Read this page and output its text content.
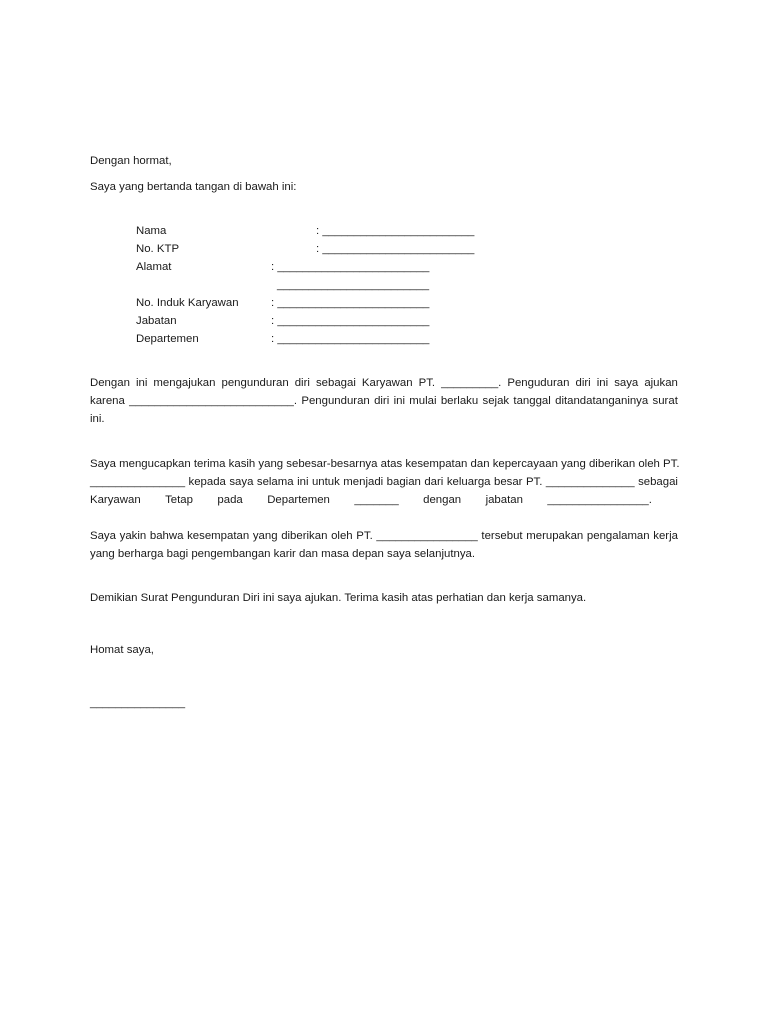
Dengan hormat,
Saya yang bertanda tangan di bawah ini:
Nama	: ________________________
No. KTP	: ________________________
Alamat	: ________________________
________________________
No. Induk Karyawan	: ________________________
Jabatan	: ________________________
Departemen	: ________________________
Dengan ini mengajukan pengunduran diri sebagai Karyawan PT. _________. Penguduran diri ini saya ajukan
karena __________________________. Pengunduran diri ini mulai berlaku sejak tanggal ditandatanganinya surat
ini.
Saya mengucapkan terima kasih yang sebesar-besarnya atas kesempatan dan kepercayaan yang diberikan oleh PT.
_______________ kepada saya selama ini untuk menjadi bagian dari keluarga besar PT. ______________ sebagai
Karyawan Tetap pada Departemen _______ dengan jabatan ________________.
Saya yakin bahwa kesempatan yang diberikan oleh PT. ________________ tersebut merupakan pengalaman kerja
yang berharga bagi pengembangan karir dan masa depan saya selanjutnya.
Demikian Surat Pengunduran Diri ini saya ajukan. Terima kasih atas perhatian dan kerja samanya.
Homat saya,
_______________
